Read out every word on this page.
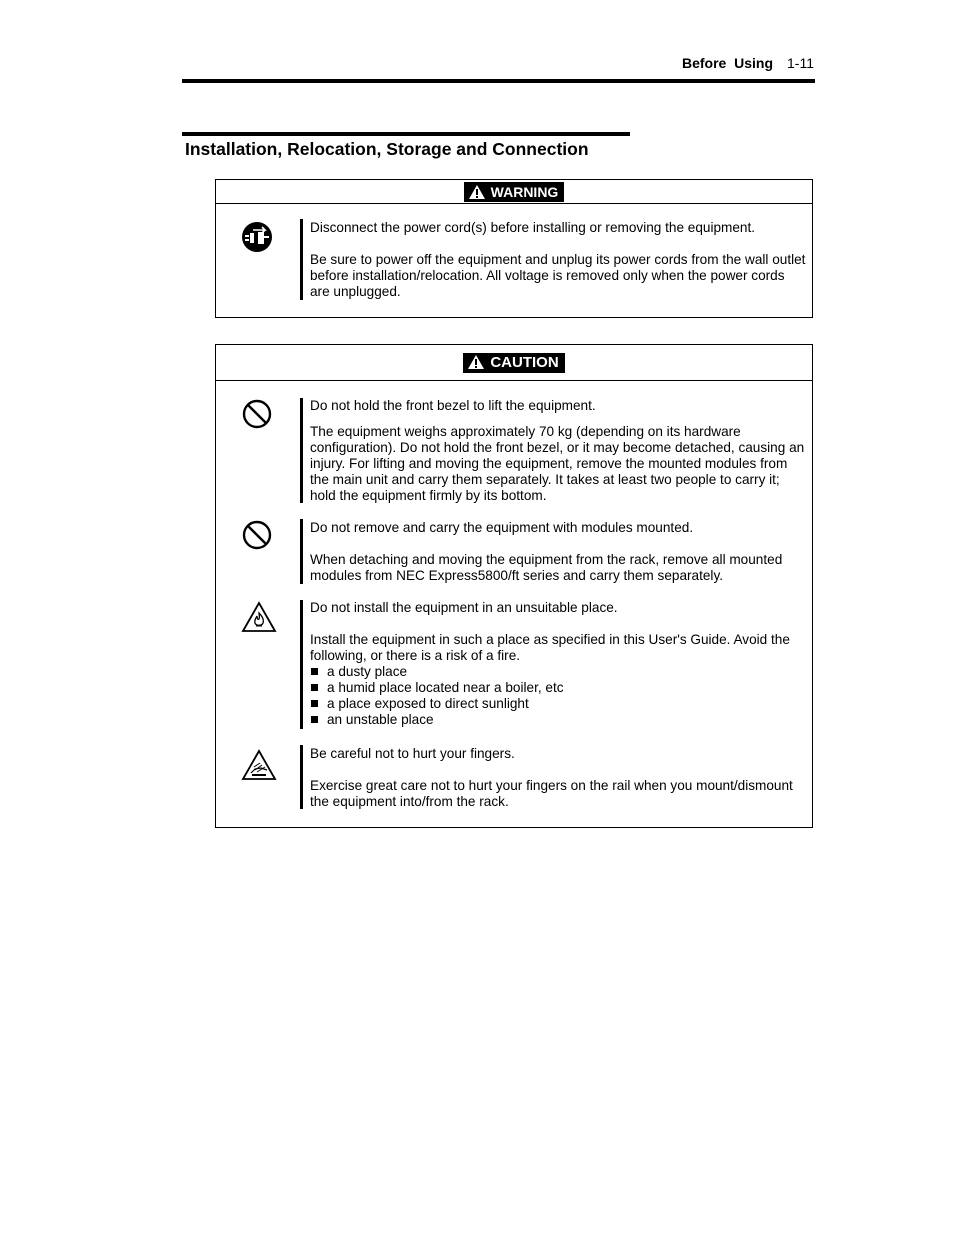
Before  Using 1-11
Installation, Relocation, Storage and Connection
WARNING

Disconnect the power cord(s) before installing or removing the equipment.

Be sure to power off the equipment and unplug its power cords from the wall outlet before installation/relocation. All voltage is removed only when the power cords are unplugged.

CAUTION

Do not hold the front bezel to lift the equipment.

The equipment weighs approximately 70 kg (depending on its hardware configuration). Do not hold the front bezel, or it may become detached, causing an injury. For lifting and moving the equipment, remove the mounted modules from the main unit and carry them separately. It takes at least two people to carry it; hold the equipment firmly by its bottom.

Do not remove and carry the equipment with modules mounted.

When detaching and moving the equipment from the rack, remove all mounted modules from NEC Express5800/ft series and carry them separately.

Do not install the equipment in an unsuitable place.

Install the equipment in such a place as specified in this User's Guide. Avoid the following, or there is a risk of a fire.

a dusty place
a humid place located near a boiler, etc
a place exposed to direct sunlight
an unstable place

Be careful not to hurt your fingers.

Exercise great care not to hurt your fingers on the rail when you mount/dismount the equipment into/from the rack.
